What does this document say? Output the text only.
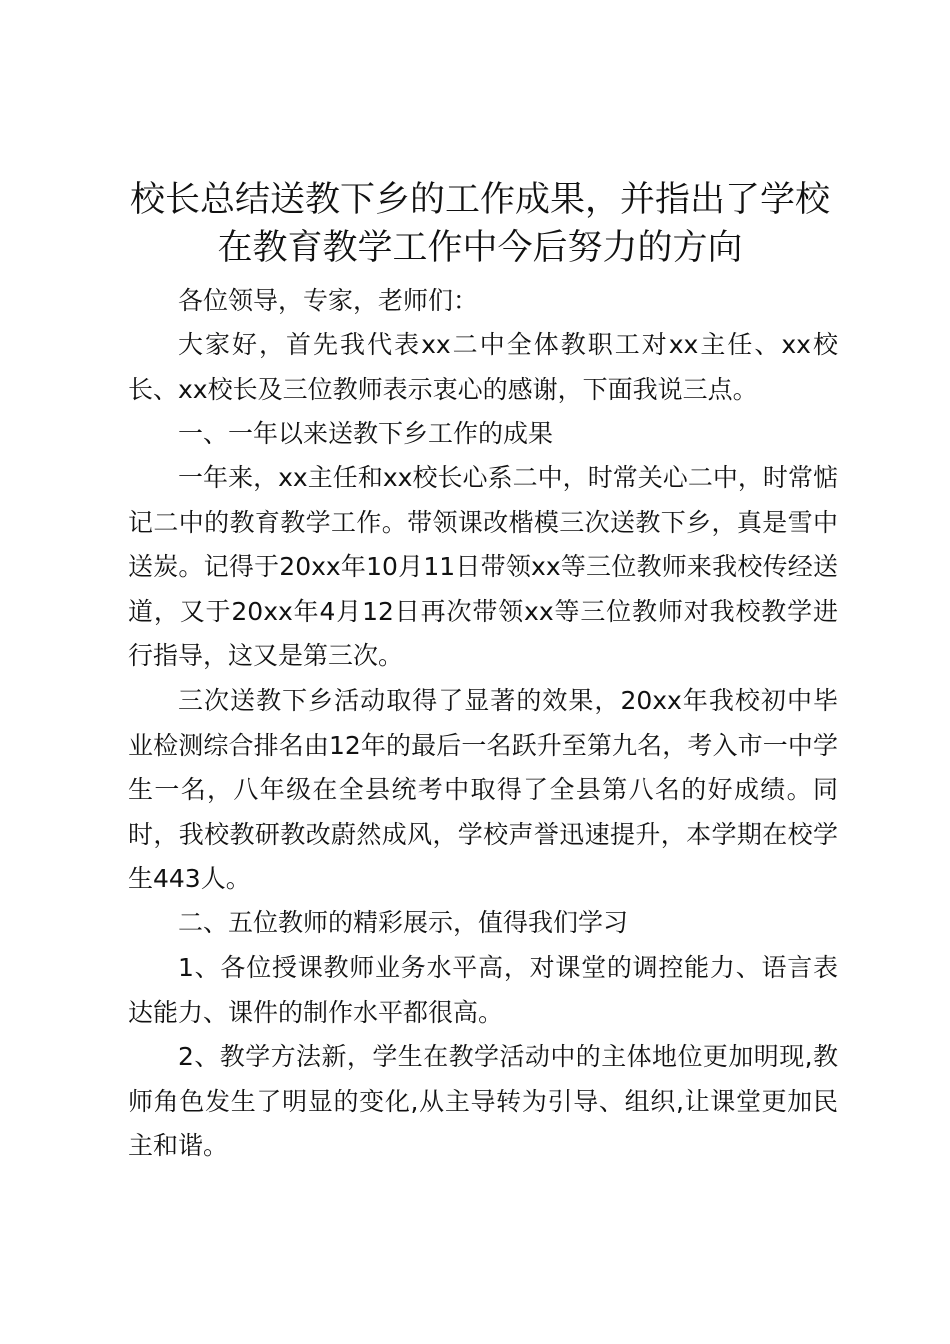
校长总结送教下乡的工作成果，并指出了学校
在教育教学工作中今后努力的方向

各位领导，专家，老师们：

大家好，首先我代表xx二中全体教职工对xx主任、xx校长、xx校长及三位教师表示衷心的感谢，下面我说三点。

一、一年以来送教下乡工作的成果

一年来，xx主任和xx校长心系二中，时常关心二中，时常惦记二中的教育教学工作。带领课改楷模三次送教下乡，真是雪中送炭。记得于20xx年10月11日带领xx等三位教师来我校传经送道，又于20xx年4月12日再次带领xx等三位教师对我校教学进行指导，这又是第三次。

三次送教下乡活动取得了显著的效果，20xx年我校初中毕业检测综合排名由12年的最后一名跃升至第九名，考入市一中学生一名，八年级在全县统考中取得了全县第八名的好成绩。同时，我校教研教改蔚然成风，学校声誉迅速提升，本学期在校学生443人。

二、五位教师的精彩展示，值得我们学习

1、各位授课教师业务水平高，对课堂的调控能力、语言表达能力、课件的制作水平都很高。

2、教学方法新，学生在教学活动中的主体地位更加明现,教师角色发生了明显的变化,从主导转为引导、组织,让课堂更加民主和谐。
